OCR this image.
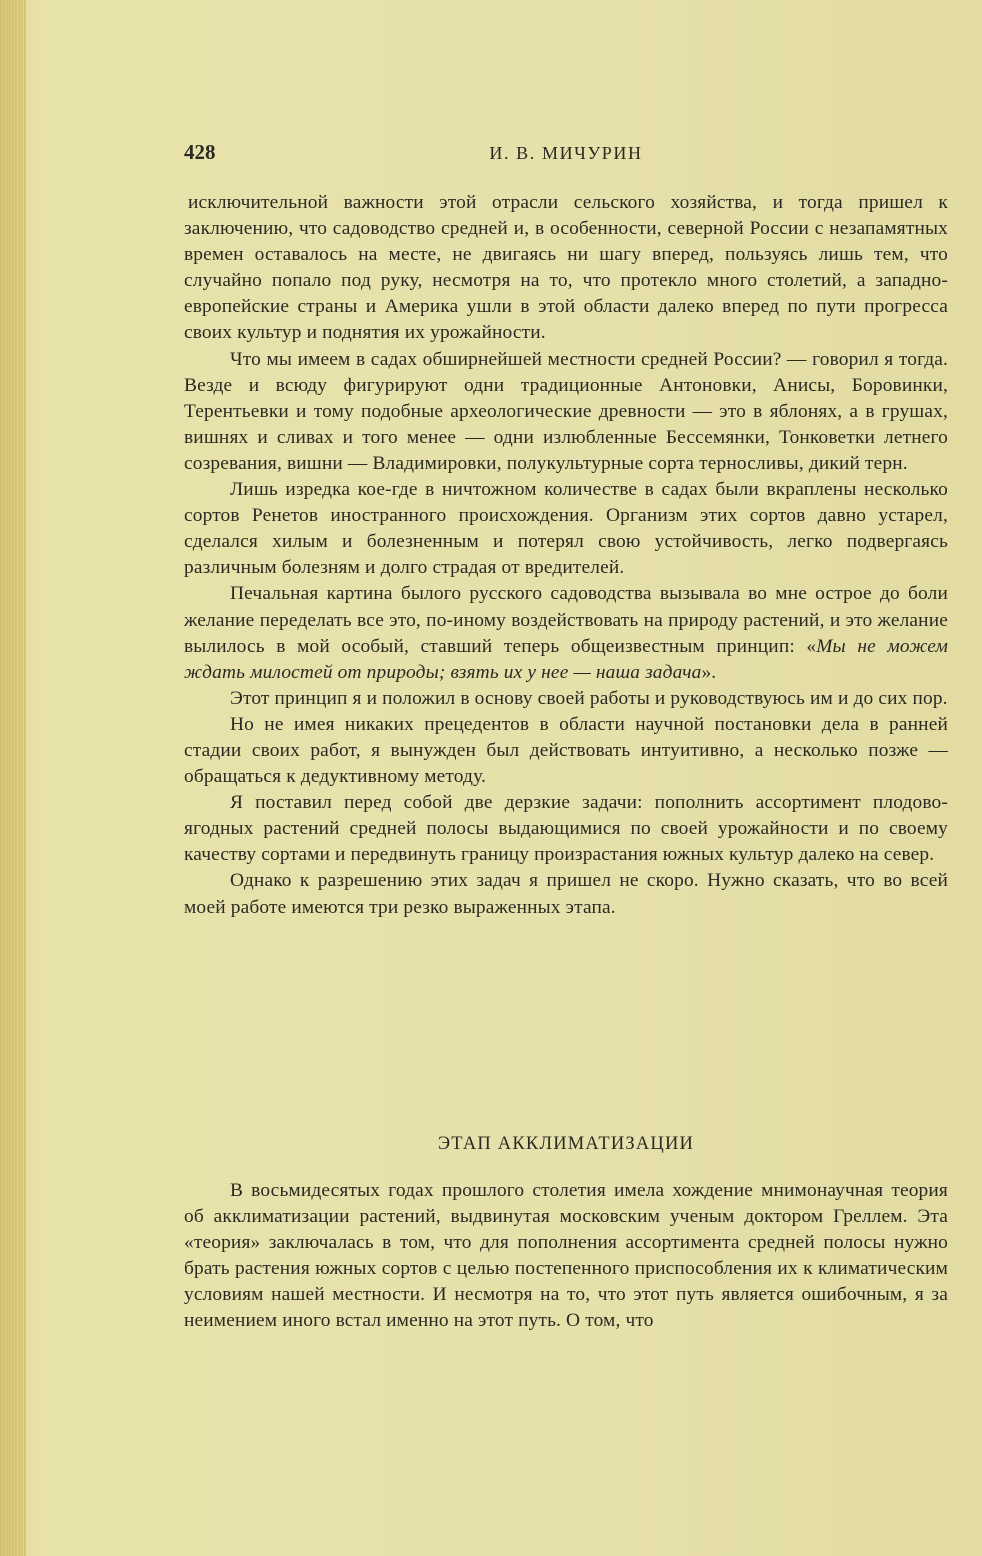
428	И. В. МИЧУРИН

исключительной важности этой отрасли сельского хозяйства, и тогда пришел к заключению, что садоводство средней и, в особенности, северной России с незапамятных времен оставалось на месте, не двигаясь ни шагу вперед, пользуясь лишь тем, что случайно попало под руку, несмотря на то, что протекло много столетий, а западно-европейские страны и Америка ушли в этой области далеко вперед по пути прогресса своих культур и поднятия их урожайности.

Что мы имеем в садах обширнейшей местности средней России? — говорил я тогда. Везде и всюду фигурируют одни традиционные Антоновки, Анисы, Боровинки, Терентьевки и тому подобные археологические древности — это в яблонях, а в грушах, вишнях и сливах и того менее — одни излюбленные Бессемянки, Тонковетки летнего созревания, вишни — Владимировки, полукультурные сорта терносливы, дикий терн.

Лишь изредка кое-где в ничтожном количестве в садах были вкраплены несколько сортов Ренетов иностранного происхождения. Организм этих сортов давно устарел, сделался хилым и болезненным и потерял свою устойчивость, легко подвергаясь различным болезням и долго страдая от вредителей.

Печальная картина былого русского садоводства вызывала во мне острое до боли желание переделать все это, по-иному воздействовать на природу растений, и это желание вылилось в мой особый, ставший теперь общеизвестным принцип: «Мы не можем ждать милостей от природы; взять их у нее — наша задача».

Этот принцип я и положил в основу своей работы и руководствуюсь им и до сих пор.

Но не имея никаких прецедентов в области научной постановки дела в ранней стадии своих работ, я вынужден был действовать интуитивно, а несколько позже — обращаться к дедуктивному методу.

Я поставил перед собой две дерзкие задачи: пополнить ассортимент плодово-ягодных растений средней полосы выдающимися по своей урожайности и по своему качеству сортами и передвинуть границу произрастания южных культур далеко на север.

Однако к разрешению этих задач я пришел не скоро. Нужно сказать, что во всей моей работе имеются три резко выраженных этапа.

ЭТАП АККЛИМАТИЗАЦИИ

В восьмидесятых годах прошлого столетия имела хождение мнимонаучная теория об акклиматизации растений, выдвинутая московским ученым доктором Греллем. Эта «теория» заключалась в том, что для пополнения ассортимента средней полосы нужно брать растения южных сортов с целью постепенного приспособления их к климатическим условиям нашей местности. И несмотря на то, что этот путь является ошибочным, я за неимением иного встал именно на этот путь. О том, что
